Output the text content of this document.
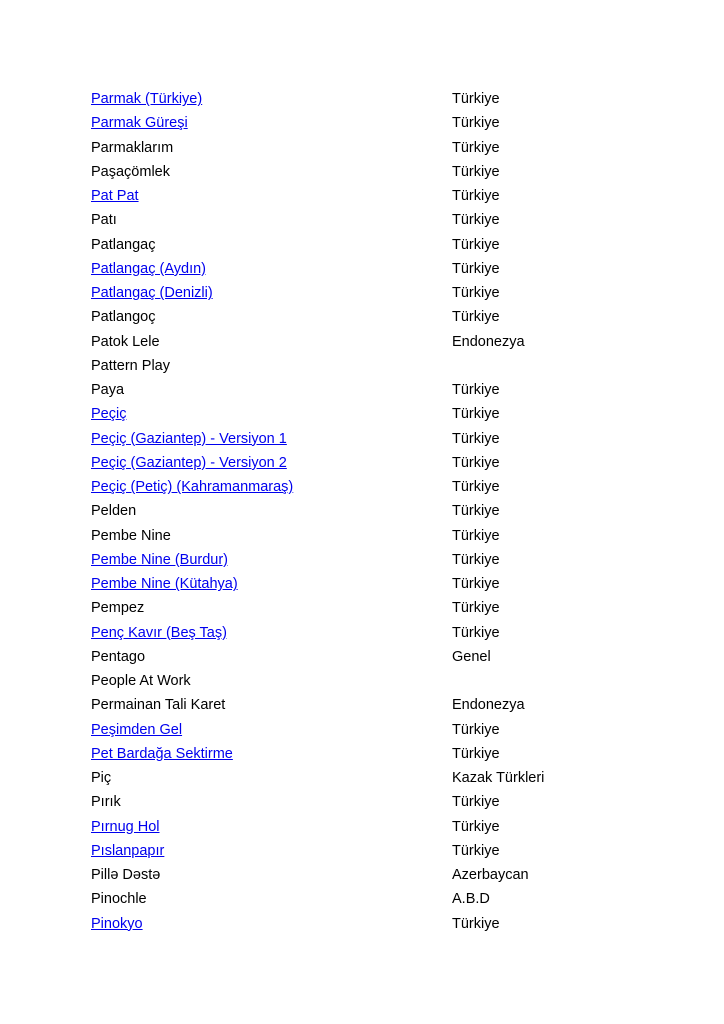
Parmak (Türkiye)	Türkiye
Parmak Güreşi	Türkiye
Parmaklarım	Türkiye
Paşaçömlek	Türkiye
Pat Pat	Türkiye
Patı	Türkiye
Patlangaç	Türkiye
Patlangaç (Aydın)	Türkiye
Patlangaç (Denizli)	Türkiye
Patlangoç	Türkiye
Patok Lele	Endonezya
Pattern Play
Paya	Türkiye
Peçiç	Türkiye
Peçiç (Gaziantep) - Versiyon 1	Türkiye
Peçiç (Gaziantep) - Versiyon 2	Türkiye
Peçiç (Petiç) (Kahramanmaraş)	Türkiye
Pelden	Türkiye
Pembe Nine	Türkiye
Pembe Nine (Burdur)	Türkiye
Pembe Nine (Kütahya)	Türkiye
Pempez	Türkiye
Penç Kavır (Beş Taş)	Türkiye
Pentago	Genel
People At Work
Permainan Tali Karet	Endonezya
Peşimden Gel	Türkiye
Pet Bardağa Sektirme	Türkiye
Piç	Kazak Türkleri
Pırık	Türkiye
Pırnug Hol	Türkiye
Pıslanpapır	Türkiye
Pillə Dəstə	Azerbaycan
Pinochle	A.B.D
Pinokyo	Türkiye
